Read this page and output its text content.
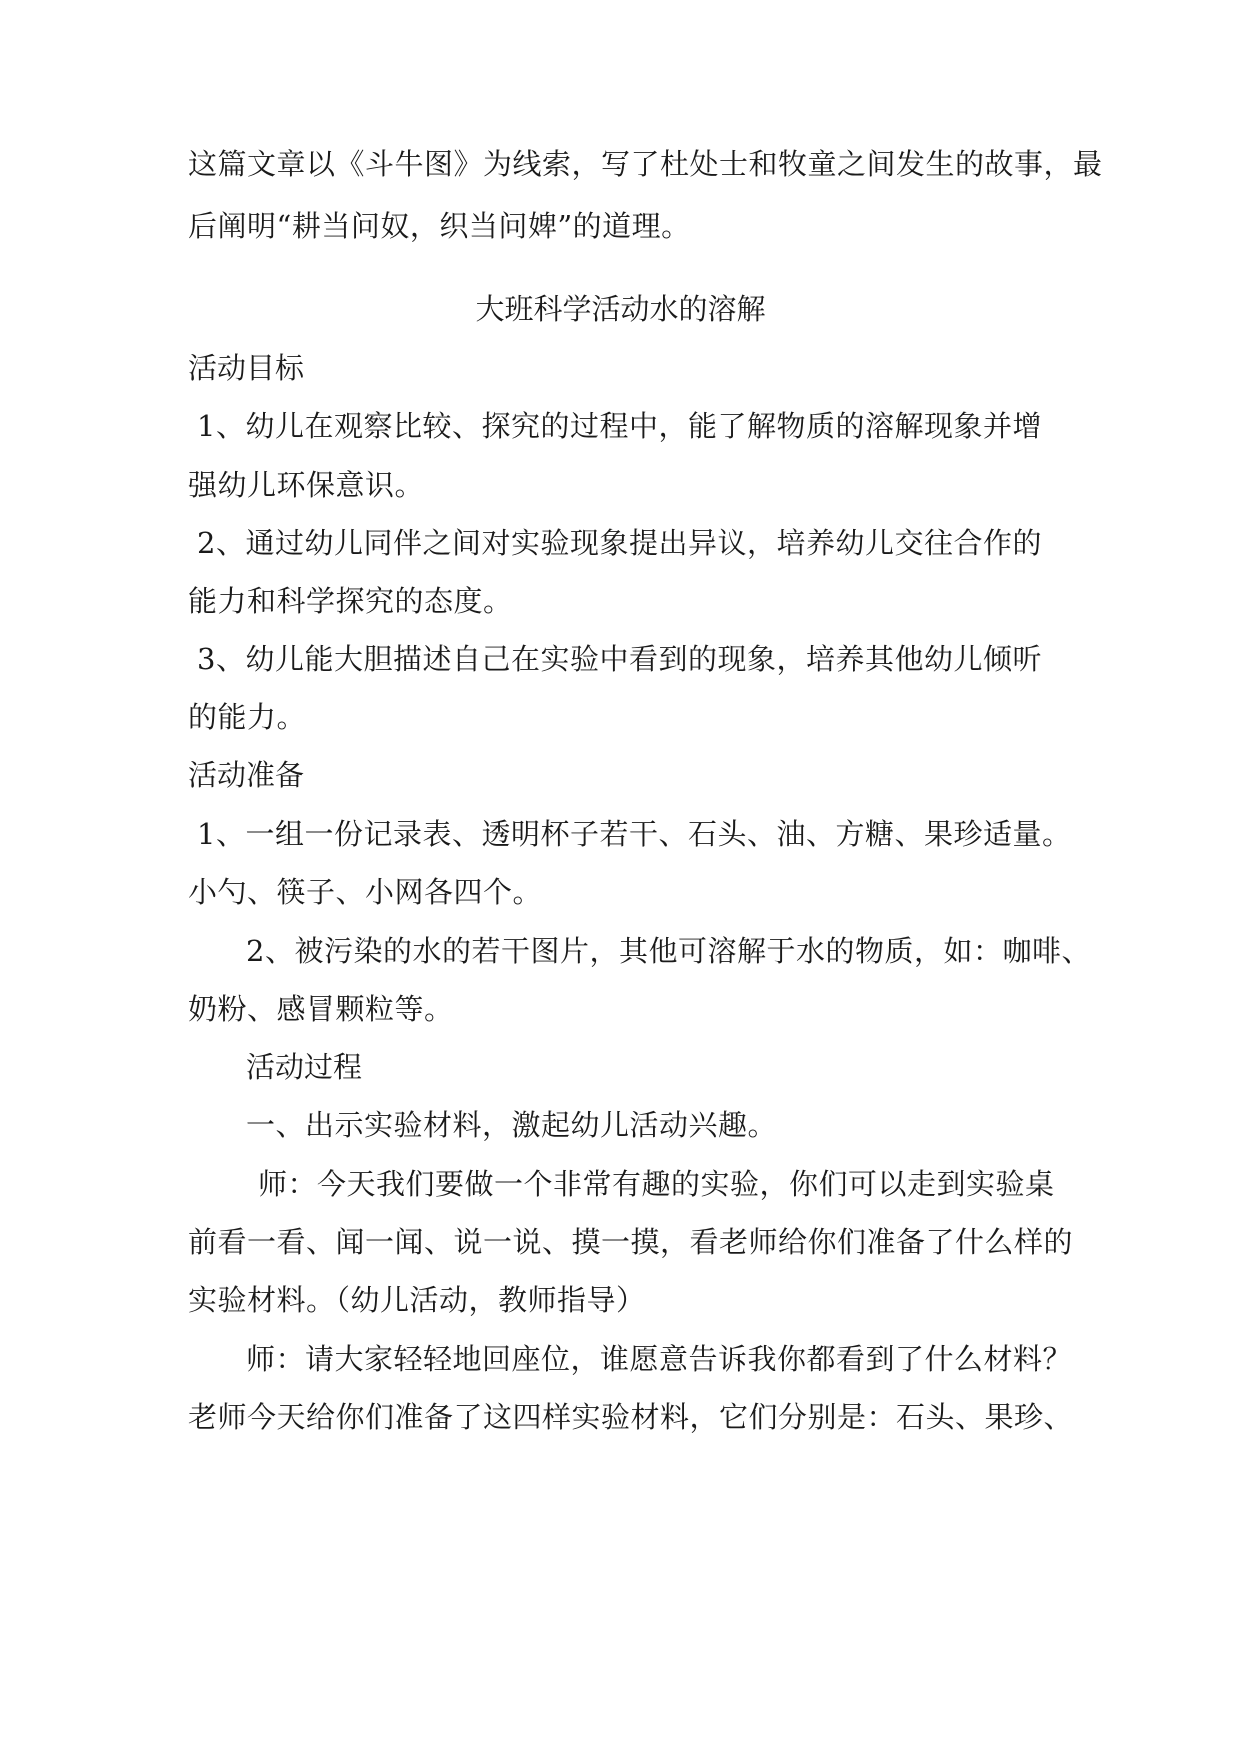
这篇文章以《斗牛图》为线索，写了杜处士和牧童之间发生的故事，最
后阐明“耕当问奴，织当问婢”的道理。
大班科学活动水的溶解
活动目标
1、幼儿在观察比较、探究的过程中，能了解物质的溶解现象并增
强幼儿环保意识。
2、通过幼儿同伴之间对实验现象提出异议，培养幼儿交往合作的
能力和科学探究的态度。
3、幼儿能大胆描述自己在实验中看到的现象，培养其他幼儿倾听
的能力。
活动准备
1、一组一份记录表、透明杯子若干、石头、油、方糖、果珍适量。
小勺、筷子、小网各四个。
2、被污染的水的若干图片，其他可溶解于水的物质，如：咖啡、
奶粉、感冒颗粒等。
活动过程
一、出示实验材料，激起幼儿活动兴趣。
师：今天我们要做一个非常有趣的实验，你们可以走到实验桌
前看一看、闻一闻、说一说、摸一摸，看老师给你们准备了什么样的
实验材料。（幼儿活动，教师指导）
师：请大家轻轻地回座位，谁愿意告诉我你都看到了什么材料？
老师今天给你们准备了这四样实验材料，它们分别是：石头、果珍、
